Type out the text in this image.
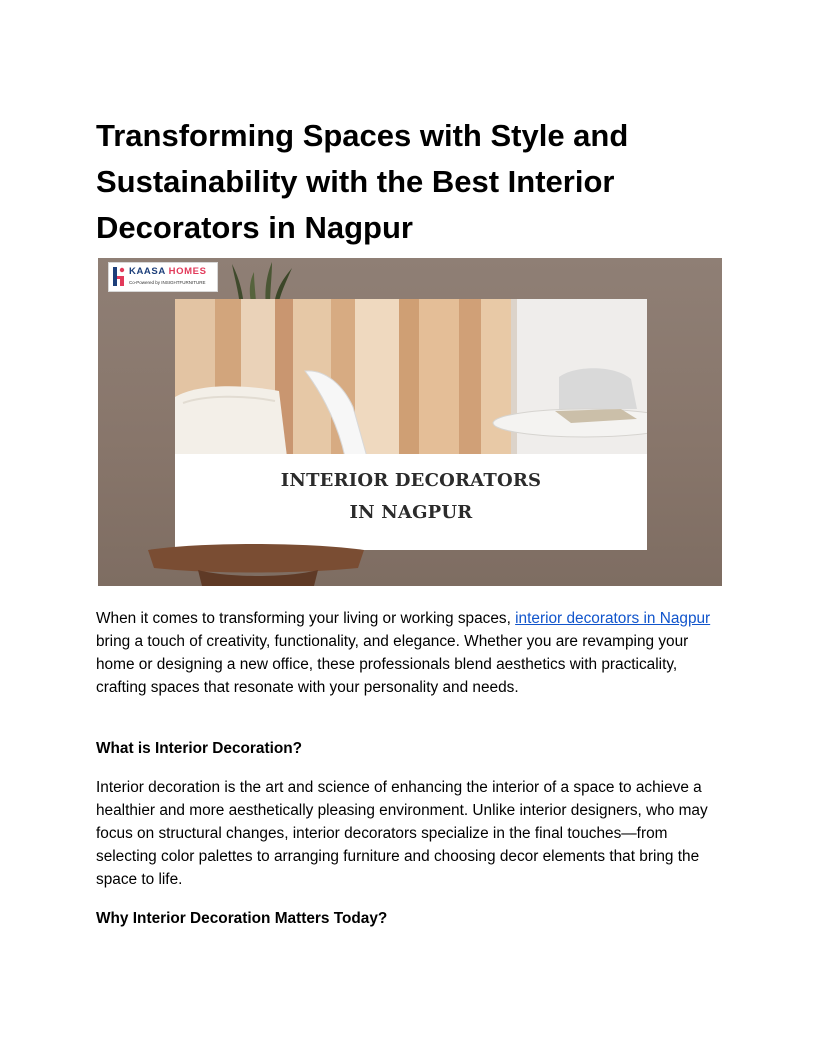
Transforming Spaces with Style and Sustainability with the Best Interior Decorators in Nagpur
KAASA HOMES
Co-Powered by INSIGHTFURNITURE
INTERIOR DECORATORS
IN NAGPUR

When it comes to transforming your living or working spaces, interior decorators in Nagpur bring a touch of creativity, functionality, and elegance. Whether you are revamping your home or designing a new office, these professionals blend aesthetics with practicality, crafting spaces that resonate with your personality and needs.

What is Interior Decoration?

Interior decoration is the art and science of enhancing the interior of a space to achieve a healthier and more aesthetically pleasing environment. Unlike interior designers, who may focus on structural changes, interior decorators specialize in the final touches—from selecting color palettes to arranging furniture and choosing decor elements that bring the space to life.

Why Interior Decoration Matters Today?
